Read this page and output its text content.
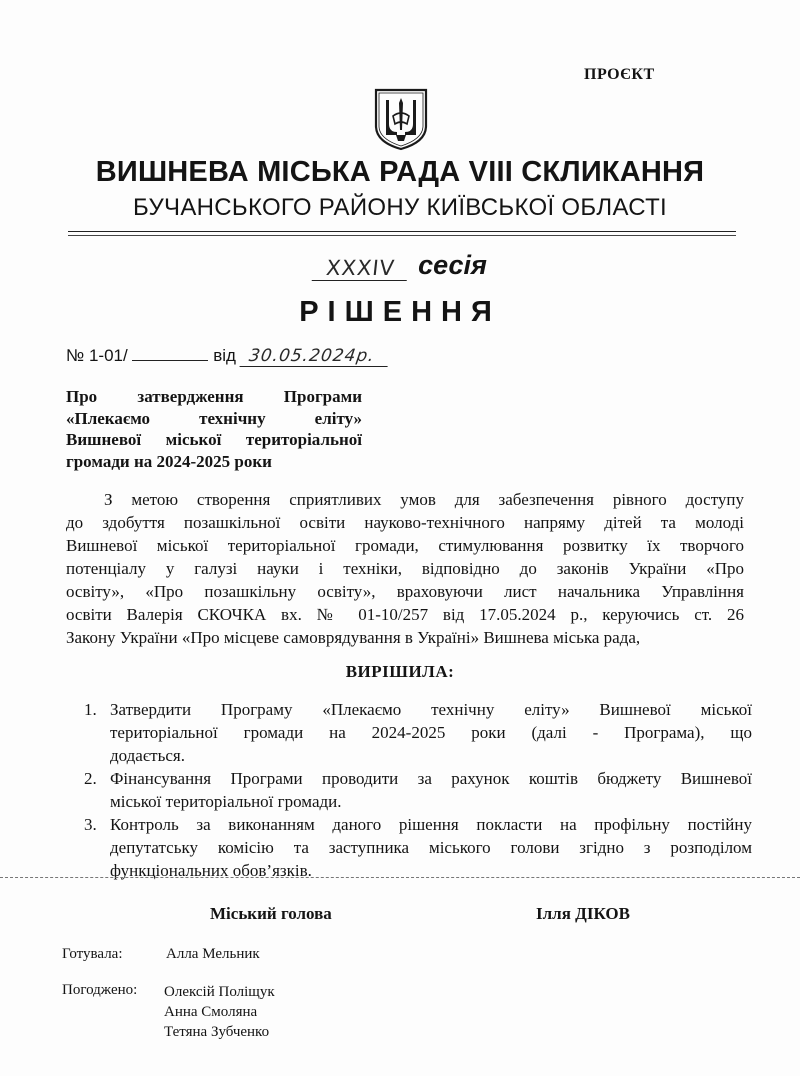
ПРОЄКТ
ВИШНЕВА МІСЬКА РАДА VIII СКЛИКАННЯ
БУЧАНСЬКОГО РАЙОНУ КИЇВСЬКОЇ ОБЛАСТІ
XXXIV сесія
РІШЕННЯ
№ 1-01/	від 30.05.2024р.
Про затвердження Програми
«Плекаємо технічну еліту»
Вишневої міської територіальної
громади на 2024-2025 роки
З метою створення сприятливих умов для забезпечення рівного доступу
до здобуття позашкільної освіти науково-технічного напряму дітей та молоді
Вишневої міської територіальної громади, стимулювання розвитку їх творчого
потенціалу у галузі науки і техніки, відповідно до законів України «Про
освіту», «Про позашкільну освіту», враховуючи лист начальника Управління
освіти Валерія СКОЧКА вх. № 01-10/257 від 17.05.2024 р., керуючись ст. 26
Закону України «Про місцеве самоврядування в Україні» Вишнева міська рада,
ВИРІШИЛА:
1. Затвердити Програму «Плекаємо технічну еліту» Вишневої міської
територіальної громади на 2024-2025 роки (далі - Програма), що
додається.
2. Фінансування Програми проводити за рахунок коштів бюджету Вишневої
міської територіальної громади.
3. Контроль за виконанням даного рішення покласти на профільну постійну
депутатську комісію та заступника міського голови згідно з розподілом
функціональних обов’язків.
Міський голова	Ілля ДІКОВ
Готувала:	Алла Мельник
Погоджено: Олексій Поліщук
Анна Смоляна
Тетяна Зубченко
